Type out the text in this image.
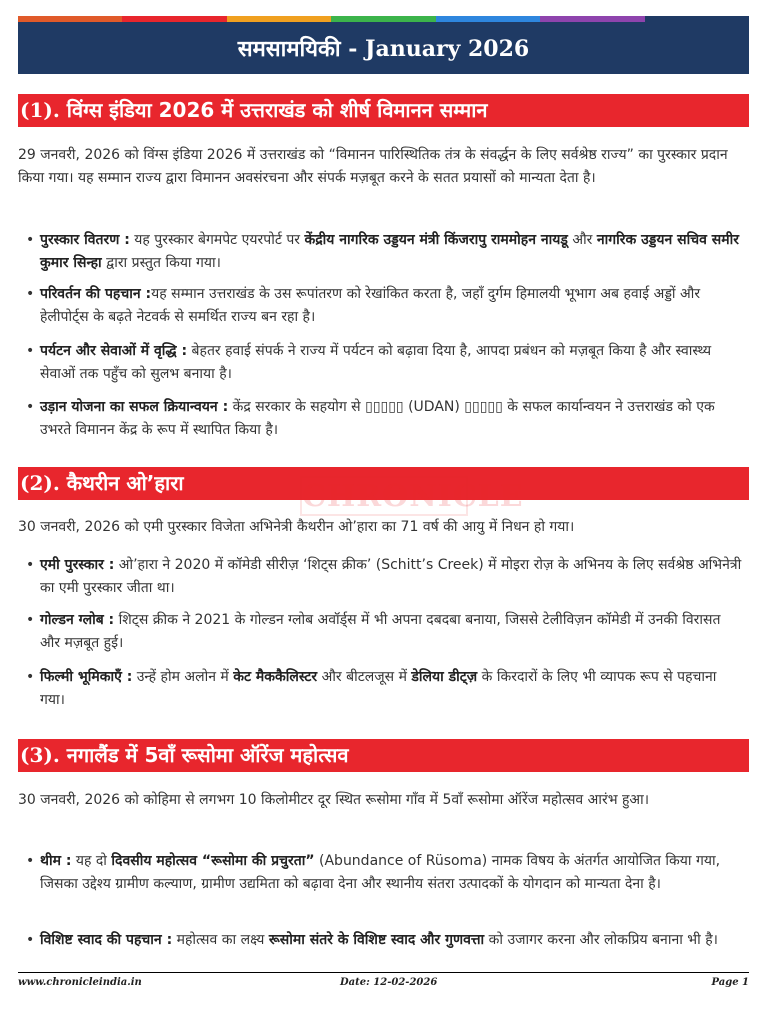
समसामयिकी - January 2026
(1). विंग्स इंडिया 2026 में उत्तराखंड को शीर्ष विमानन सम्मान

29 जनवरी, 2026 को विंग्स इंडिया 2026 में उत्तराखंड को “विमानन पारिस्थितिक तंत्र के संवर्द्धन के लिए सर्वश्रेष्ठ राज्य” का पुरस्कार प्रदान किया गया। यह सम्मान राज्य द्वारा विमानन अवसंरचना और संपर्क मज़बूत करने के सतत प्रयासों को मान्यता देता है।

• पुरस्कार वितरण : यह पुरस्कार बेगमपेट एयरपोर्ट पर केंद्रीय नागरिक उड्डयन मंत्री किंजरापु राममोहन नायडू और नागरिक उड्डयन सचिव समीर कुमार सिन्हा द्वारा प्रस्तुत किया गया।
• परिवर्तन की पहचान :यह सम्मान उत्तराखंड के उस रूपांतरण को रेखांकित करता है, जहाँ दुर्गम हिमालयी भूभाग अब हवाई अड्डों और हेलीपोर्ट्स के बढ़ते नेटवर्क से समर्थित राज्य बन रहा है।
• पर्यटन और सेवाओं में वृद्धि : बेहतर हवाई संपर्क ने राज्य में पर्यटन को बढ़ावा दिया है, आपदा प्रबंधन को मज़बूत किया है और स्वास्थ्य सेवाओं तक पहुँच को सुलभ बनाया है।
• उड़ान योजना का सफल क्रियान्वयन : केंद्र सरकार के सहयोग से ▯▯▯▯▯ (UDAN) ▯▯▯▯▯ के सफल कार्यान्वयन ने उत्तराखंड को एक उभरते विमानन केंद्र के रूप में स्थापित किया है।
(2). कैथरीन ओ’हारा	CHRONICLE

30 जनवरी, 2026 को एमी पुरस्कार विजेता अभिनेत्री कैथरीन ओ’हारा का 71 वर्ष की आयु में निधन हो गया।

• एमी पुरस्कार : ओ’हारा ने 2020 में कॉमेडी सीरीज़ ‘शिट्स क्रीक’ (Schitt’s Creek) में मोइरा रोज़ के अभिनय के लिए सर्वश्रेष्ठ अभिनेत्री का एमी पुरस्कार जीता था।
• गोल्डन ग्लोब : शिट्स क्रीक ने 2021 के गोल्डन ग्लोब अवॉर्ड्स में भी अपना दबदबा बनाया, जिससे टेलीविज़न कॉमेडी में उनकी विरासत और मज़बूत हुई।
• फिल्मी भूमिकाएँ : उन्हें होम अलोन में केट मैककैलिस्टर और बीटलजूस में डेलिया डीट्ज़ के किरदारों के लिए भी व्यापक रूप से पहचाना गया।
(3). नगालैंड में 5वाँ रूसोमा ऑरेंज महोत्सव

30 जनवरी, 2026 को कोहिमा से लगभग 10 किलोमीटर दूर स्थित रूसोमा गाँव में 5वाँ रूसोमा ऑरेंज महोत्सव आरंभ हुआ।

• थीम : यह दो दिवसीय महोत्सव “रूसोमा की प्रचुरता” (Abundance of Rüsoma) नामक विषय के अंतर्गत आयोजित किया गया, जिसका उद्देश्य ग्रामीण कल्याण, ग्रामीण उद्यमिता को बढ़ावा देना और स्थानीय संतरा उत्पादकों के योगदान को मान्यता देना है।
• विशिष्ट स्वाद की पहचान : महोत्सव का लक्ष्य रूसोमा संतरे के विशिष्ट स्वाद और गुणवत्ता को उजागर करना और लोकप्रिय बनाना भी है।
www.chronicleindia.in	Date: 12-02-2026	Page 1
